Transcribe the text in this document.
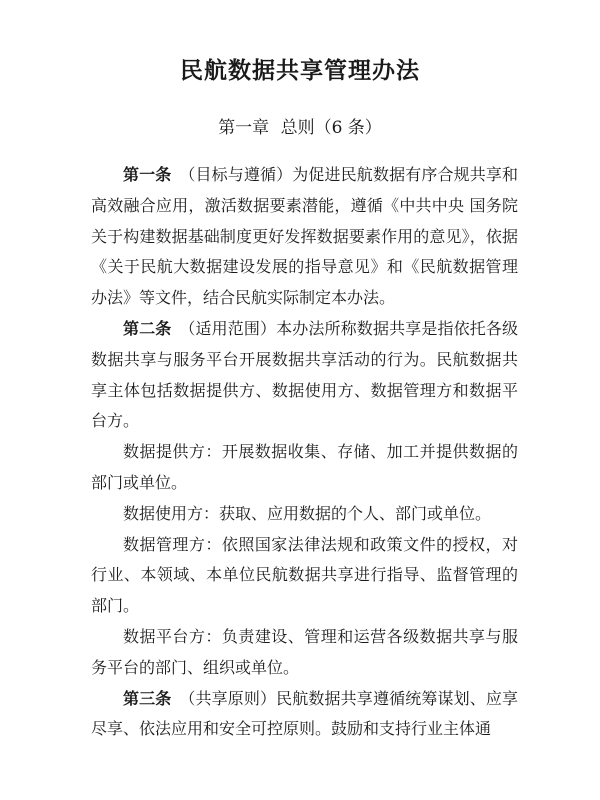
民航数据共享管理办法
第一章 总则（6 条）

第一条 （目标与遵循）为促进民航数据有序合规共享和高效融合应用，激活数据要素潜能，遵循《中共中央 国务院关于构建数据基础制度更好发挥数据要素作用的意见》，依据《关于民航大数据建设发展的指导意见》和《民航数据管理办法》等文件，结合民航实际制定本办法。

第二条 （适用范围）本办法所称数据共享是指依托各级数据共享与服务平台开展数据共享活动的行为。民航数据共享主体包括数据提供方、数据使用方、数据管理方和数据平台方。

数据提供方：开展数据收集、存储、加工并提供数据的部门或单位。

数据使用方：获取、应用数据的个人、部门或单位。

数据管理方：依照国家法律法规和政策文件的授权，对行业、本领域、本单位民航数据共享进行指导、监督管理的部门。

数据平台方：负责建设、管理和运营各级数据共享与服务平台的部门、组织或单位。

第三条 （共享原则）民航数据共享遵循统筹谋划、应享尽享、依法应用和安全可控原则。鼓励和支持行业主体通
